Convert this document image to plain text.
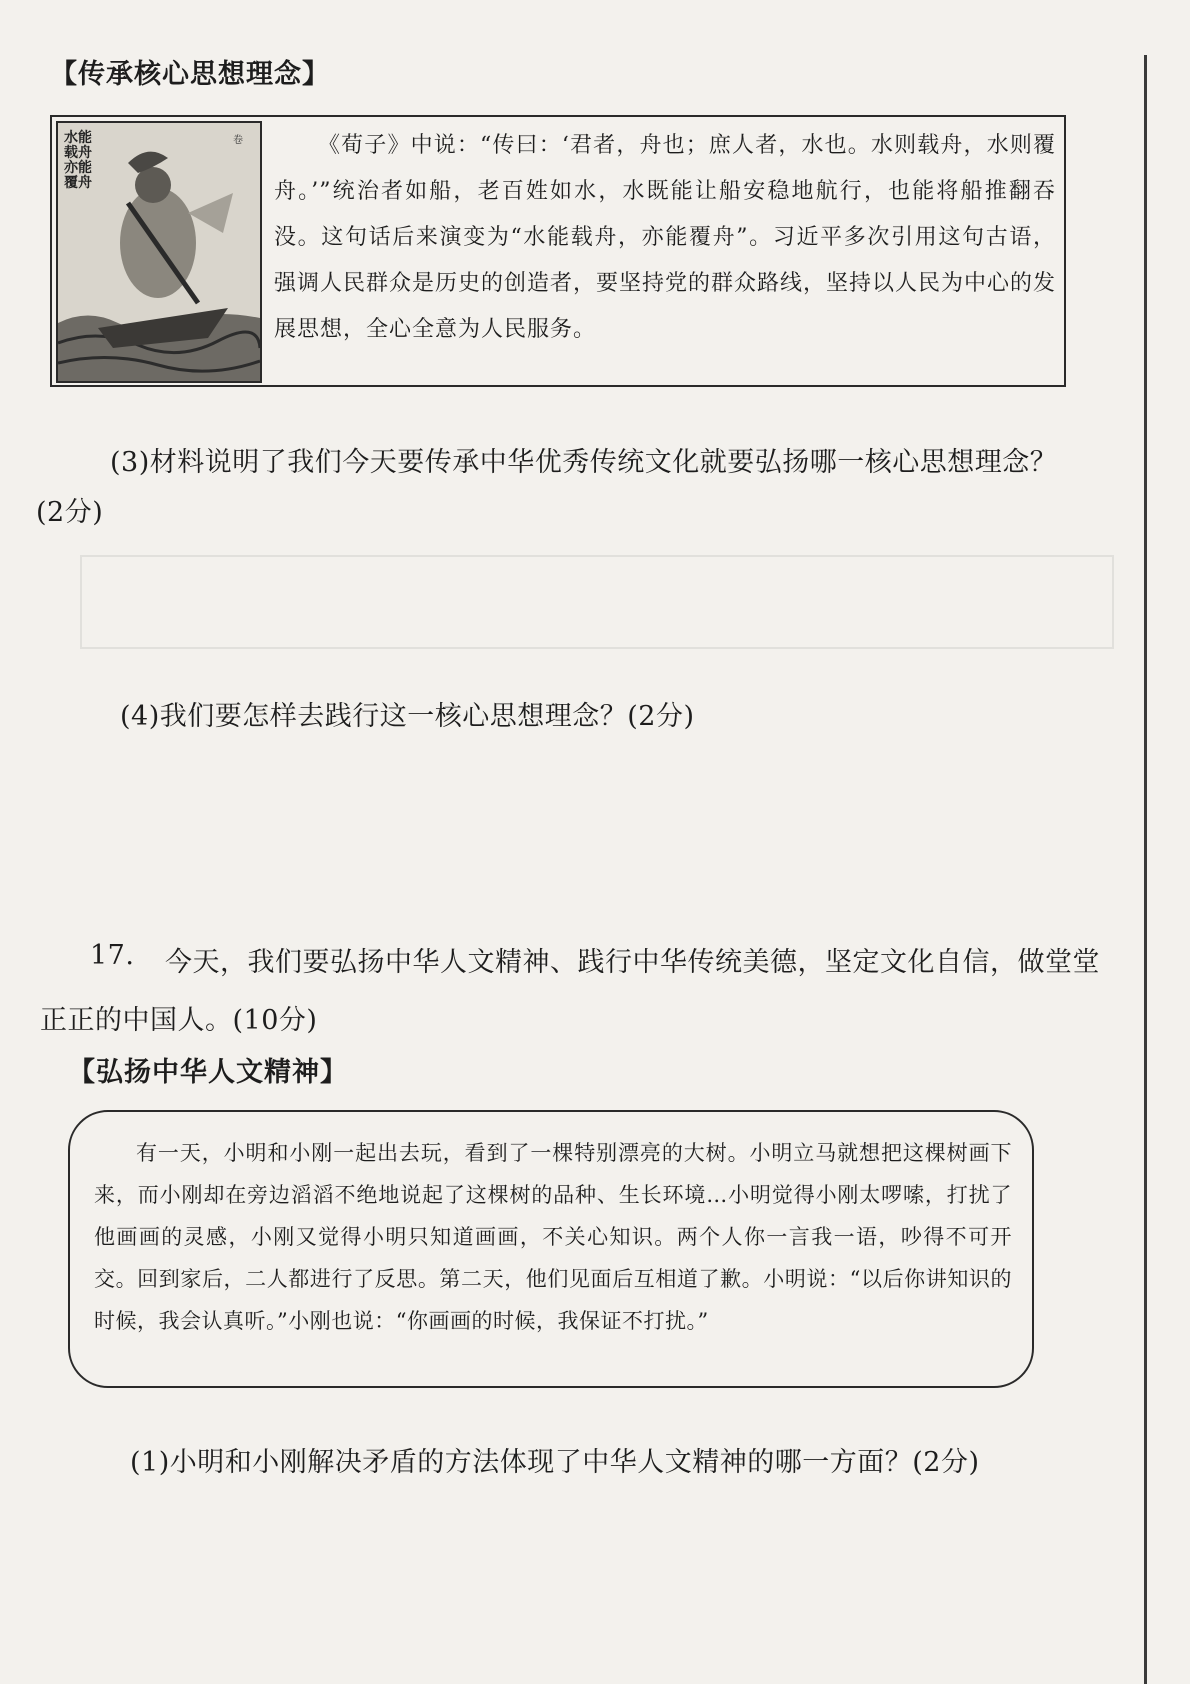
【传承核心思想理念】
卷
水能载舟亦能覆舟
《荀子》中说：“传曰：‘君者，舟也；庶人者，水也。水则载舟，水则覆舟。’”统治者如船，老百姓如水，水既能让船安稳地航行，也能将船推翻吞没。这句话后来演变为“水能载舟，亦能覆舟”。习近平多次引用这句古语，强调人民群众是历史的创造者，要坚持党的群众路线，坚持以人民为中心的发展思想，全心全意为人民服务。
(3)材料说明了我们今天要传承中华优秀传统文化就要弘扬哪一核心思想理念？
(2分)
(4)我们要怎样去践行这一核心思想理念？(2分)
17. 今天，我们要弘扬中华人文精神、践行中华传统美德，坚定文化自信，做堂堂
正正的中国人。(10分)
【弘扬中华人文精神】
有一天，小明和小刚一起出去玩，看到了一棵特别漂亮的大树。小明立马就想把这棵树画下来，而小刚却在旁边滔滔不绝地说起了这棵树的品种、生长环境…小明觉得小刚太啰嗦，打扰了他画画的灵感，小刚又觉得小明只知道画画，不关心知识。两个人你一言我一语，吵得不可开交。回到家后，二人都进行了反思。第二天，他们见面后互相道了歉。小明说：“以后你讲知识的时候，我会认真听。”小刚也说：“你画画的时候，我保证不打扰。”
(1)小明和小刚解决矛盾的方法体现了中华人文精神的哪一方面？(2分)
